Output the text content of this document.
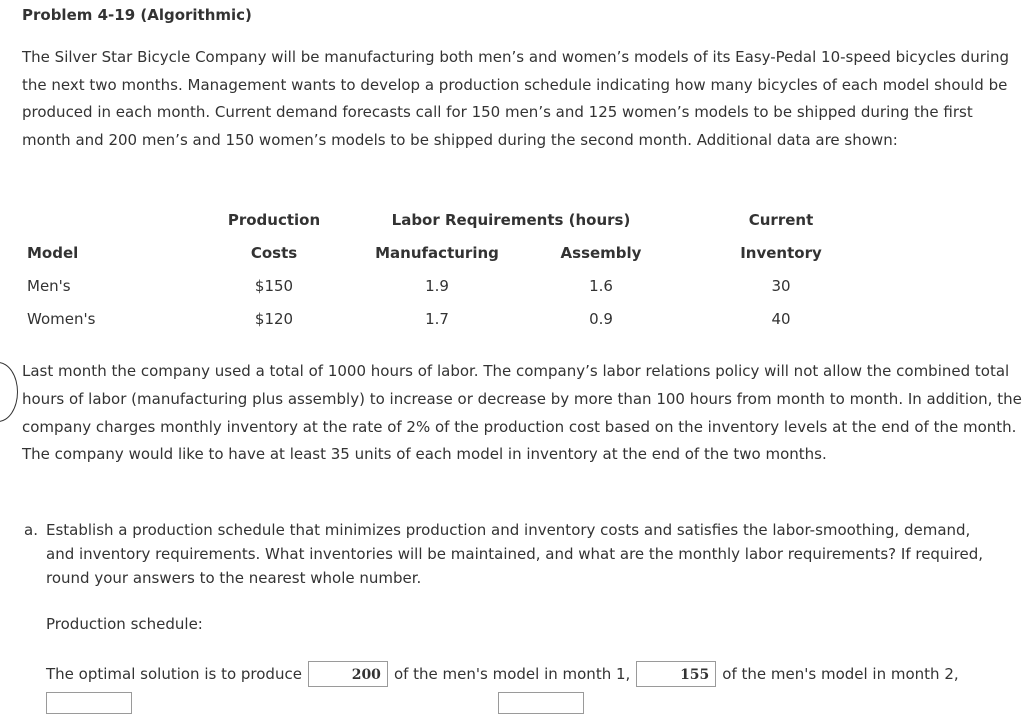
Problem 4-19 (Algorithmic)
The Silver Star Bicycle Company will be manufacturing both men’s and women’s models of its Easy-Pedal 10-speed bicycles during the next two months. Management wants to develop a production schedule indicating how many bicycles of each model should be produced in each month. Current demand forecasts call for 150 men’s and 125 women’s models to be shipped during the first month and 200 men’s and 150 women’s models to be shipped during the second month. Additional data are shown:
	Production	Labor Requirements (hours)			Current
Model	Costs	Manufacturing	Assembly		Inventory
Men's	$150	1.9	1.6		30
Women's	$120	1.7	0.9		40
Last month the company used a total of 1000 hours of labor. The company’s labor relations policy will not allow the combined total hours of labor (manufacturing plus assembly) to increase or decrease by more than 100 hours from month to month. In addition, the company charges monthly inventory at the rate of 2% of the production cost based on the inventory levels at the end of the month. The company would like to have at least 35 units of each model in inventory at the end of the two months.
a. Establish a production schedule that minimizes production and inventory costs and satisfies the labor-smoothing, demand, and inventory requirements. What inventories will be maintained, and what are the monthly labor requirements? If required, round your answers to the nearest whole number.
Production schedule:
The optimal solution is to produce	200 of the men's model in month 1,	155 of the men's model in month 2,
